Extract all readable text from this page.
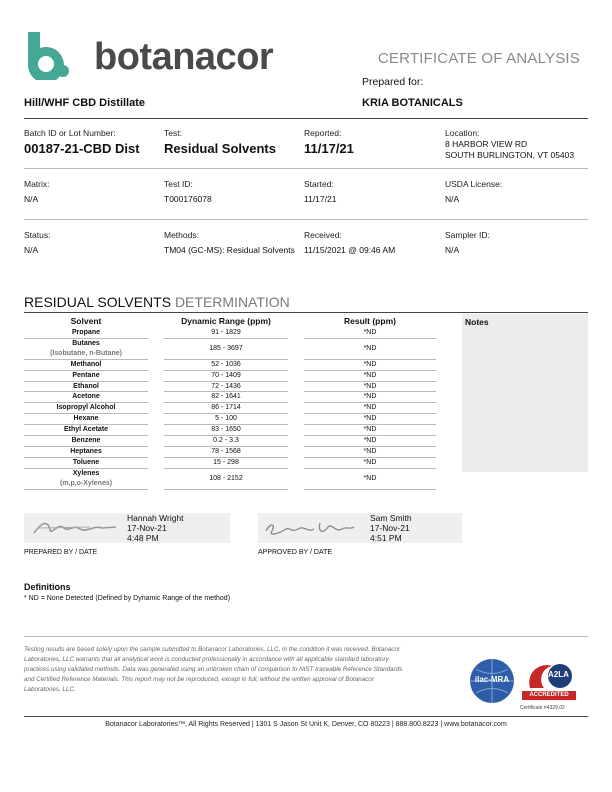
botanacor	CERTIFICATE OF ANALYSIS
Prepared for:
Hill/WHF CBD Distillate	KRIA BOTANICALS
Batch ID or Lot Number:
00187-21-CBD Dist
Test:
Residual Solvents
Reported:
11/17/21
Location:
8 HARBOR VIEW RD
SOUTH BURLINGTON, VT 05403
Matrix:
N/A
Test ID:
T000176078
Started:
11/17/21
USDA License:
N/A
Status:
N/A
Methods:
TM04 (GC-MS): Residual Solvents
Received:
11/15/2021 @ 09:46 AM
Sampler ID:
N/A
RESIDUAL SOLVENTS DETERMINATION
Solvent		Dynamic Range (ppm)		Result (ppm)
Propane		91 - 1829		*ND
Butanes		185 - 3697		*ND
(Isobutane, n-Butane)				
Methanol		52 - 1036		*ND
Pentane		70 - 1409		*ND
Ethanol		72 - 1436		*ND
Acetone		82 - 1641		*ND
Isopropyl Alcohol		86 - 1714		*ND
Hexane		5 - 100		*ND
Ethyl Acetate		83 - 1650		*ND
Benzene		0.2 - 3.3		*ND
Heptanes		78 - 1568		*ND
Toluene		15 - 298		*ND
Xylenes		108 - 2152		*ND
(m,p,o-Xylenes)				
Notes
Hannah Wright
17-Nov-21
4:48 PM
PREPARED BY / DATE
Sam Smith
17-Nov-21
4:51 PM
APPROVED BY / DATE
Definitions
* ND = None Detected (Defined by Dynamic Range of the method)
Testing results are based solely upon the sample submitted to Botanacor Laboratories, LLC, in the condition it was received. Botanacor
Laboratories, LLC warrants that all analytical work is conducted professionally in accordance with all applicable standard laboratory
practices using validated methods. Data was generated using an unbroken chain of comparison to NIST traceable Reference Standards
and Certified Reference Materials. This report may not be reproduced, except in full, without the written approval of Botanacor
Laboratories, LLC.
ilac-MRA
A2LA
ACCREDITED
Certificate #4329.02
Botanacor Laboratories™, All Rights Reserved | 1301 S Jason St Unit K, Denver, CO 80223 | 888.800.8223 | www.botanacor.com
